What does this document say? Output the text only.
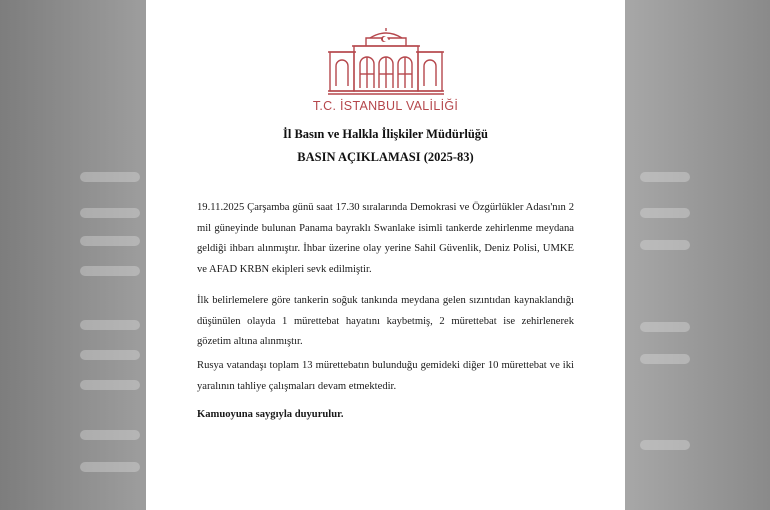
T.C. İSTANBUL VALİLİĞİ
İl Basın ve Halkla İlişkiler Müdürlüğü
BASIN AÇIKLAMASI (2025-83)

19.11.2025 Çarşamba günü saat 17.30 sıralarında Demokrasi ve Özgürlükler Adası'nın 2 mil güneyinde bulunan Panama bayraklı Swanlake isimli tankerde zehirlenme meydana geldiği ihbarı alınmıştır. İhbar üzerine olay yerine Sahil Güvenlik, Deniz Polisi, UMKE ve AFAD KRBN ekipleri sevk edilmiştir.

İlk belirlemelere göre tankerin soğuk tankında meydana gelen sızıntıdan kaynaklandığı düşünülen olayda 1 mürettebat hayatını kaybetmiş, 2 mürettebat ise zehirlenerek gözetim altına alınmıştır.

Rusya vatandaşı toplam 13 mürettebatın bulunduğu gemideki diğer 10 mürettebat ve iki yaralının tahliye çalışmaları devam etmektedir.

Kamuoyuna saygıyla duyurulur.
